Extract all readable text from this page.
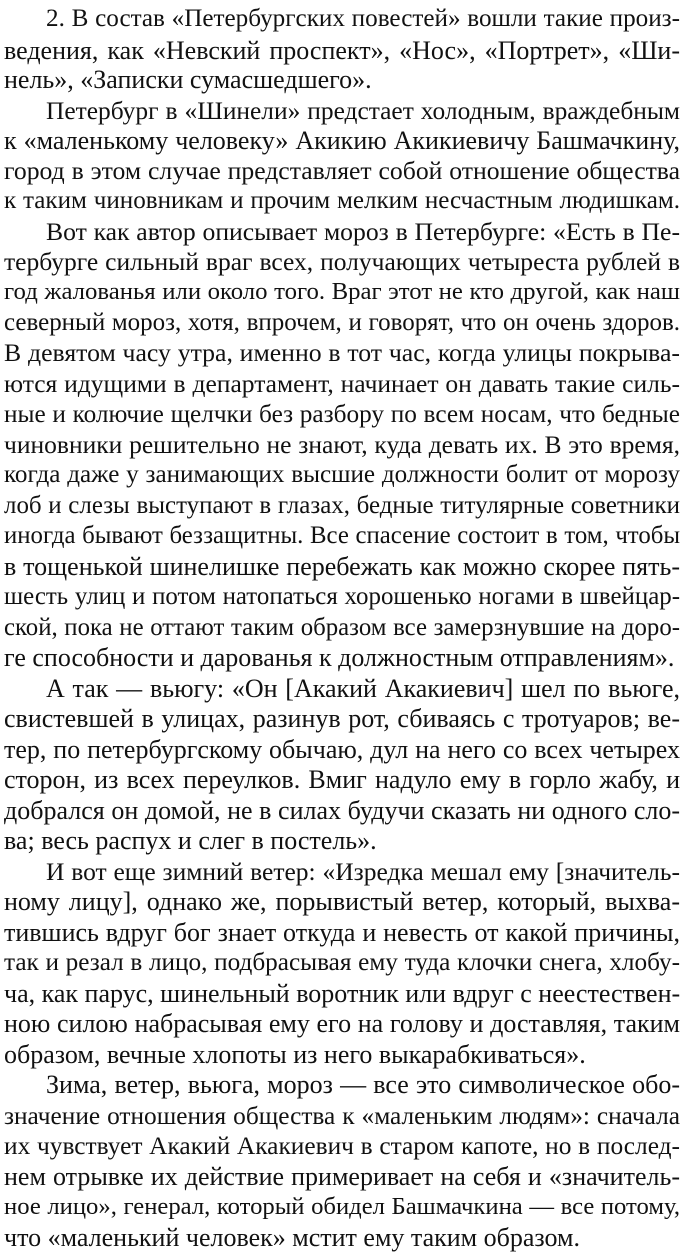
2. В состав «Петербургских повестей» вошли такие произ-
ведения, как «Невский проспект», «Нос», «Портрет», «Ши-
нель», «Записки сумасшедшего».
Петербург в «Шинели» предстает холодным, враждебным
к «маленькому человеку» Акикию Акикиевичу Башмачкину,
город в этом случае представляет собой отношение общества
к таким чиновникам и прочим мелким несчастным людишкам.
Вот как автор описывает мороз в Петербурге: «Есть в Пе-
тербурге сильный враг всех, получающих четыреста рублей в
год жалованья или около того. Враг этот не кто другой, как наш
северный мороз, хотя, впрочем, и говорят, что он очень здоров.
В девятом часу утра, именно в тот час, когда улицы покрыва-
ются идущими в департамент, начинает он давать такие силь-
ные и колючие щелчки без разбору по всем носам, что бедные
чиновники решительно не знают, куда девать их. В это время,
когда даже у занимающих высшие должности болит от морозу
лоб и слезы выступают в глазах, бедные титулярные советники
иногда бывают беззащитны. Все спасение состоит в том, чтобы
в тощенькой шинелишке перебежать как можно скорее пять-
шесть улиц и потом натопаться хорошенько ногами в швейцар-
ской, пока не оттают таким образом все замерзнувшие на доро-
ге способности и дарованья к должностным отправлениям».
А так — вьюгу: «Он [Акакий Акакиевич] шел по вьюге,
свистевшей в улицах, разинув рот, сбиваясь с тротуаров; ве-
тер, по петербургскому обычаю, дул на него со всех четырех
сторон, из всех переулков. Вмиг надуло ему в горло жабу, и
добрался он домой, не в силах будучи сказать ни одного сло-
ва; весь распух и слег в постель».
И вот еще зимний ветер: «Изредка мешал ему [значитель-
ному лицу], однако же, порывистый ветер, который, выхва-
тившись вдруг бог знает откуда и невесть от какой причины,
так и резал в лицо, подбрасывая ему туда клочки снега, хлобу-
ча, как парус, шинельный воротник или вдруг с неестествен-
ною силою набрасывая ему его на голову и доставляя, таким
образом, вечные хлопоты из него выкарабкиваться».
Зима, ветер, вьюга, мороз — все это символическое обо-
значение отношения общества к «маленьким людям»: сначала
их чувствует Акакий Акакиевич в старом капоте, но в послед-
нем отрывке их действие примеривает на себя и «значитель-
ное лицо», генерал, который обидел Башмачкина — все потому,
что «маленький человек» мстит ему таким образом.
